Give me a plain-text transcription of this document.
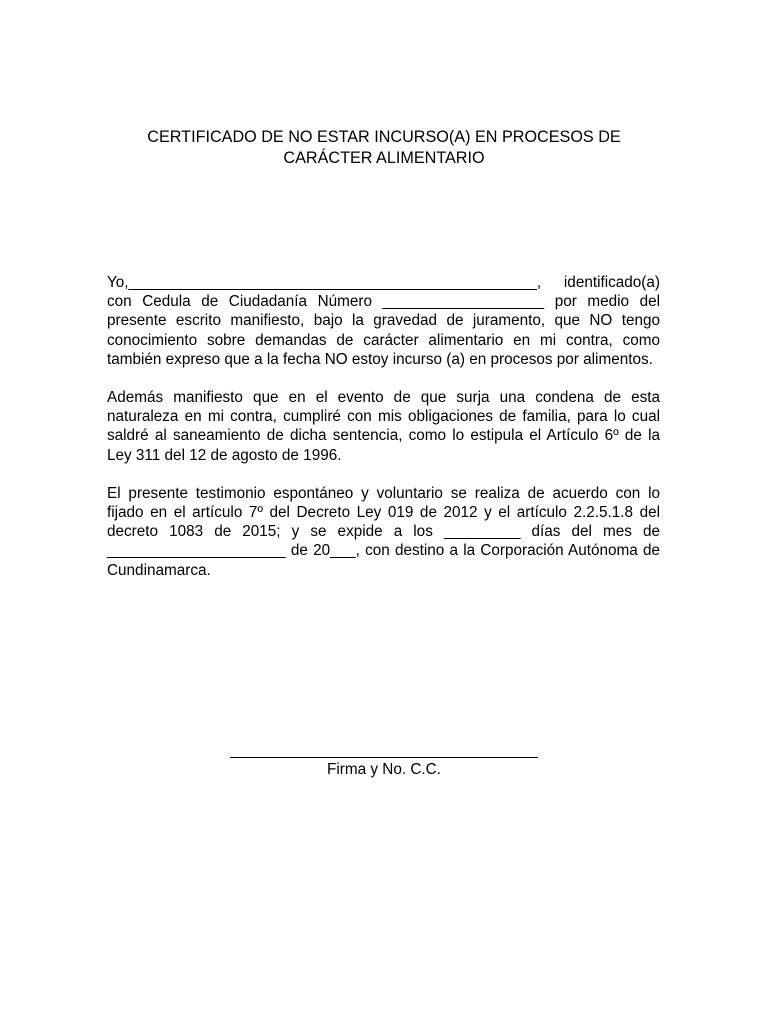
CERTIFICADO DE NO ESTAR INCURSO(A) EN PROCESOS DE
CARÁCTER ALIMENTARIO

Yo,________________________________________________, identificado(a) con Cedula de Ciudadanía Número ___________________ por medio del presente escrito manifiesto, bajo la gravedad de juramento, que NO tengo conocimiento sobre demandas de carácter alimentario en mi contra, como también expreso que a la fecha NO estoy incurso (a) en procesos por alimentos.

Además manifiesto que en el evento de que surja una condena de esta naturaleza en mi contra, cumpliré con mis obligaciones de familia, para lo cual saldré al saneamiento de dicha sentencia, como lo estipula el Artículo 6º de la Ley 311 del 12 de agosto de 1996.

El presente testimonio espontáneo y voluntario se realiza de acuerdo con lo fijado en el artículo 7º del Decreto Ley 019 de 2012 y el artículo 2.2.5.1.8 del decreto 1083 de 2015; y se expide a los _________ días del mes de _____________________ de 20___, con destino a la Corporación Autónoma de Cundinamarca.

Firma y No. C.C.
